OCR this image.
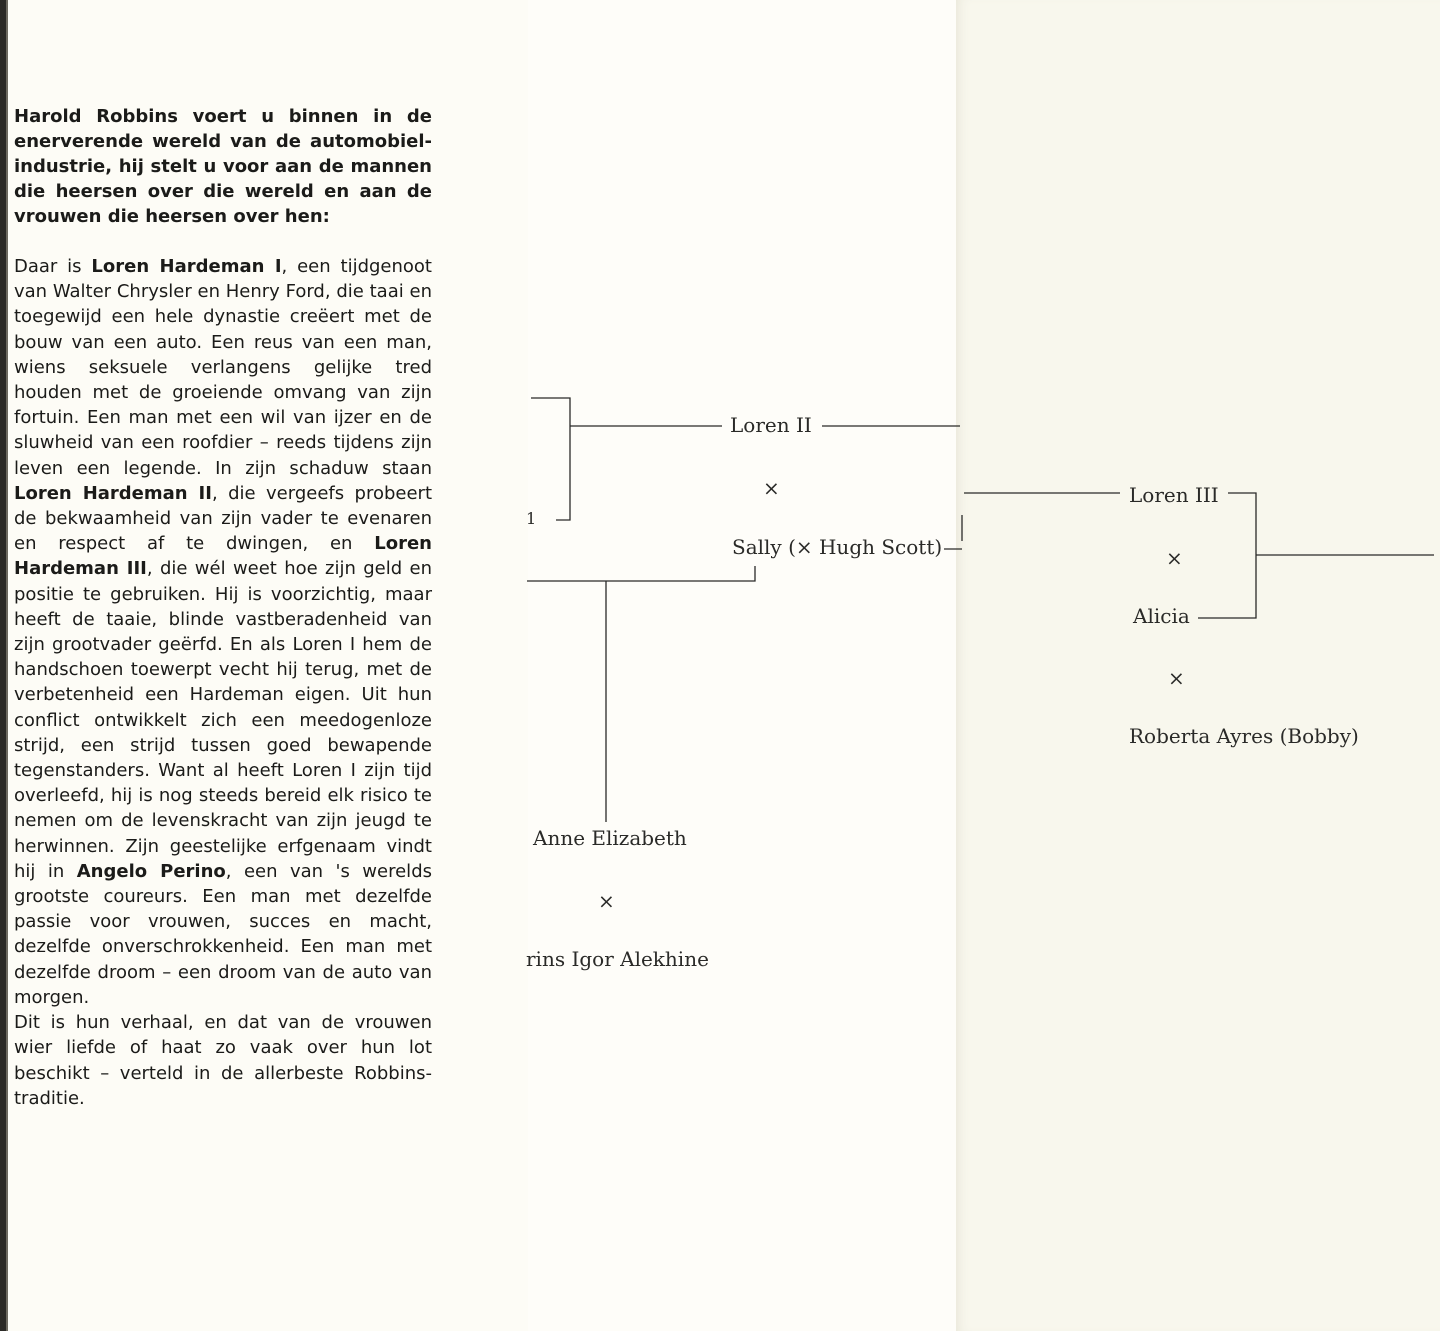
Harold Robbins voert u binnen in de enerverende wereld van de automobiel-industrie, hij stelt u voor aan de mannen die heersen over die wereld en aan de vrouwen die heersen over hen:

Daar is Loren Hardeman I, een tijdgenoot van Walter Chrysler en Henry Ford, die taai en toegewijd een hele dynastie creëert met de bouw van een auto. Een reus van een man, wiens seksuele verlangens gelijke tred houden met de groeiende omvang van zijn fortuin. Een man met een wil van ijzer en de sluwheid van een roofdier – reeds tijdens zijn leven een legende. In zijn schaduw staan Loren Hardeman II, die vergeefs probeert de bekwaamheid van zijn vader te evenaren en respect af te dwingen, en Loren Hardeman III, die wél weet hoe zijn geld en positie te gebruiken. Hij is voorzichtig, maar heeft de taaie, blinde vastberadenheid van zijn grootvader geërfd. En als Loren I hem de handschoen toewerpt vecht hij terug, met de verbetenheid een Hardeman eigen. Uit hun conflict ontwikkelt zich een meedogenloze strijd, een strijd tussen goed bewapende tegenstanders. Want al heeft Loren I zijn tijd overleefd, hij is nog steeds bereid elk risico te nemen om de levenskracht van zijn jeugd te herwinnen. Zijn geestelijke erfgenaam vindt hij in Angelo Perino, een van 's werelds grootste coureurs. Een man met dezelfde passie voor vrouwen, succes en macht, dezelfde onverschrokkenheid. Een man met dezelfde droom – een droom van de auto van morgen.

Dit is hun verhaal, en dat van de vrouwen wier liefde of haat zo vaak over hun lot beschikt – verteld in de allerbeste Robbins-traditie.

1
Loren II
×
Sally (× Hugh Scott)
Loren III
×
Alicia
×
Roberta Ayres (Bobby)
Anne Elizabeth
×
rins Igor Alekhine
